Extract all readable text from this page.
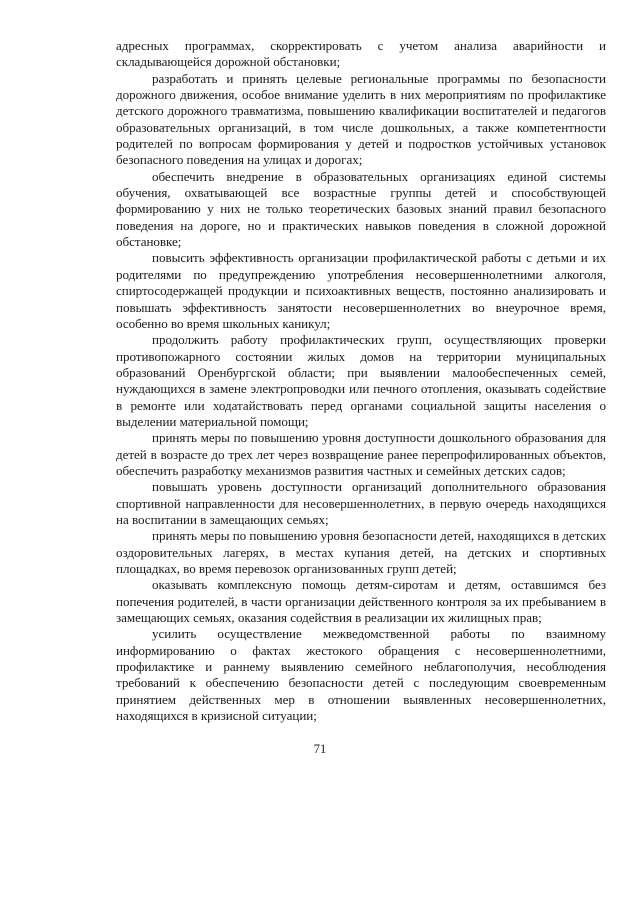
адресных программах, скорректировать с учетом анализа аварийности и складывающейся дорожной обстановки;

разработать и принять целевые региональные программы по безопасности дорожного движения, особое внимание уделить в них мероприятиям по профилактике детского дорожного травматизма, повышению квалификации воспитателей и педагогов образовательных организаций, в том числе дошкольных, а также компетентности родителей по вопросам формирования у детей и подростков устойчивых установок безопасного поведения на улицах и дорогах;

обеспечить внедрение в образовательных организациях единой системы обучения, охватывающей все возрастные группы детей и способствующей формированию у них не только теоретических базовых знаний правил безопасного поведения на дороге, но и практических навыков поведения в сложной дорожной обстановке;

повысить эффективность организации профилактической работы с детьми и их родителями по предупреждению употребления несовершеннолетними алкоголя, спиртосодержащей продукции и психоактивных веществ, постоянно анализировать и повышать эффективность занятости несовершеннолетних во внеурочное время, особенно во время школьных каникул;

продолжить работу профилактических групп, осуществляющих проверки противопожарного состоянии жилых домов на территории муниципальных образований Оренбургской области; при выявлении малообеспеченных семей, нуждающихся в замене электропроводки или печного отопления, оказывать содействие в ремонте или ходатайствовать перед органами социальной защиты населения о выделении материальной помощи;

принять меры по повышению уровня доступности дошкольного образования для детей в возрасте до трех лет через возвращение ранее перепрофилированных объектов, обеспечить разработку механизмов развития частных и семейных детских садов;

повышать уровень доступности организаций дополнительного образования спортивной направленности для несовершеннолетних, в первую очередь находящихся на воспитании в замещающих семьях;

принять меры по повышению уровня безопасности детей, находящихся в детских оздоровительных лагерях, в местах купания детей, на детских и спортивных площадках, во время перевозок организованных групп детей;

оказывать комплексную помощь детям-сиротам и детям, оставшимся без попечения родителей, в части организации действенного контроля за их пребыванием в замещающих семьях, оказания содействия в реализации их жилищных прав;

усилить осуществление межведомственной работы по взаимному информированию о фактах жестокого обращения с несовершеннолетними, профилактике и раннему выявлению семейного неблагополучия, несоблюдения требований к обеспечению безопасности детей с последующим своевременным принятием действенных мер в отношении выявленных несовершеннолетних, находящихся в кризисной ситуации;

71
